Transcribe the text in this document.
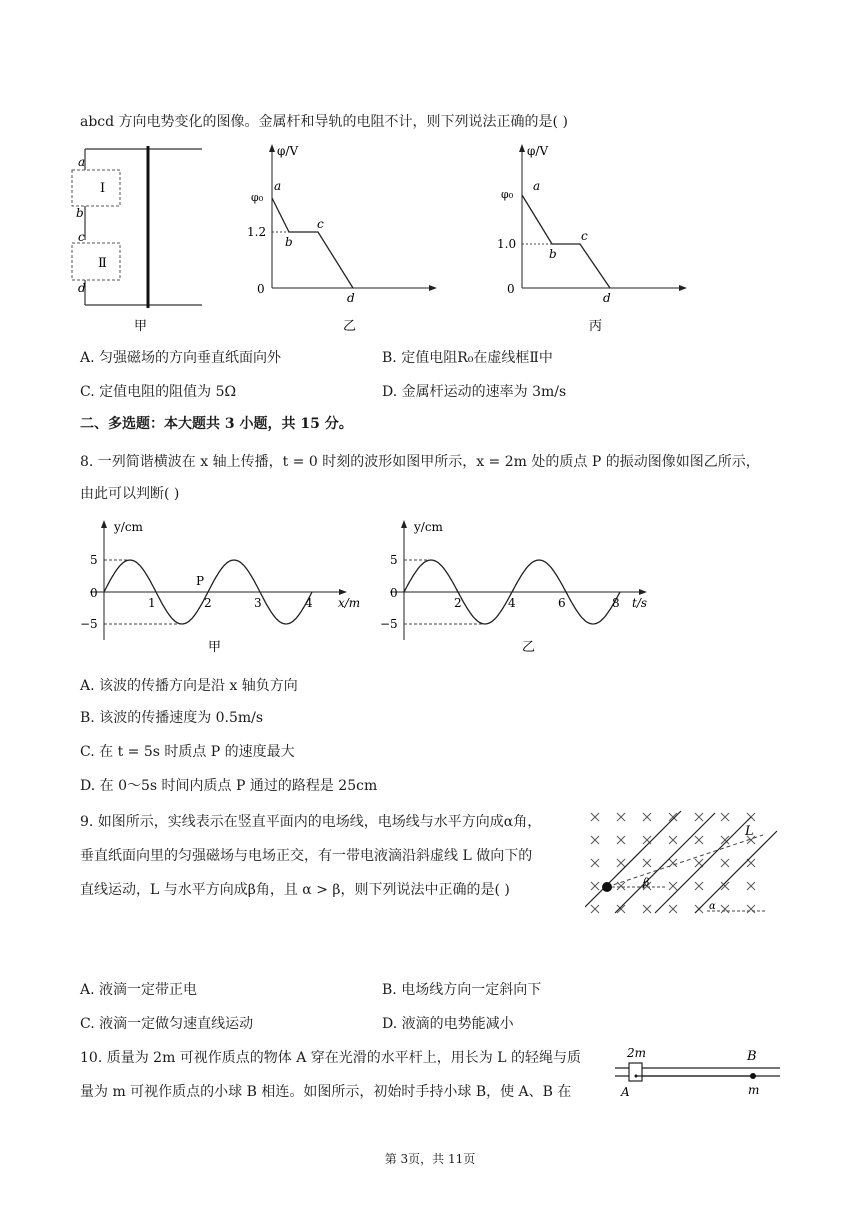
abcd 方向电势变化的图像。金属杆和导轨的电阻不计，则下列说法正确的是( )
a
b
c
d
Ⅰ
Ⅱ
甲
φ/V
φ₀
1.2
0
a
b
c
d
乙
φ/V
φ₀
1.0
0
a
b
c
d
丙
A. 匀强磁场的方向垂直纸面向外	B. 定值电阻R₀在虚线框Ⅱ中
C. 定值电阻的阻值为 5Ω	D. 金属杆运动的速率为 3m/s
二、多选题：本大题共 3 小题，共 15 分。
8. 一列简谐横波在 x 轴上传播，t = 0 时刻的波形如图甲所示，x = 2m 处的质点 P 的振动图像如图乙所示，
由此可以判断( )
y/cm
x/m
5
0
−5
1	2	3	4
P
甲
y/cm
t/s
5
0
−5
2	4	6	8
乙
A. 该波的传播方向是沿 x 轴负方向
B. 该波的传播速度为 0.5m/s
C. 在 t = 5s 时质点 P 的速度最大
D. 在 0～5s 时间内质点 P 通过的路程是 25cm
9. 如图所示，实线表示在竖直平面内的电场线，电场线与水平方向成α角，
垂直纸面向里的匀强磁场与电场正交，有一带电液滴沿斜虚线 L 做向下的
直线运动，L 与水平方向成β角，且 α > β，则下列说法中正确的是( )
L
β
α
A. 液滴一定带正电	B. 电场线方向一定斜向下
C. 液滴一定做匀速直线运动	D. 液滴的电势能减小
10. 质量为 2m 可视作质点的物体 A 穿在光滑的水平杆上，用长为 L 的轻绳与质
量为 m 可视作质点的小球 B 相连。如图所示，初始时手持小球 B，使 A、B 在
2m
A
B
m
第 3页，共 11页
